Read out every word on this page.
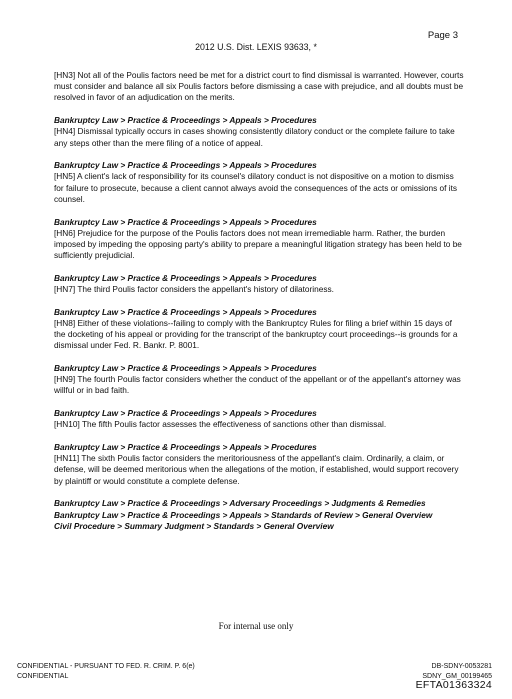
Page 3
2012 U.S. Dist. LEXIS 93633, *
[HN3] Not all of the Poulis factors need be met for a district court to find dismissal is warranted. However, courts must consider and balance all six Poulis factors before dismissing a case with prejudice, and all doubts must be resolved in favor of an adjudication on the merits.
Bankruptcy Law > Practice & Proceedings > Appeals > Procedures
[HN4] Dismissal typically occurs in cases showing consistently dilatory conduct or the complete failure to take any steps other than the mere filing of a notice of appeal.
Bankruptcy Law > Practice & Proceedings > Appeals > Procedures
[HN5] A client's lack of responsibility for its counsel's dilatory conduct is not dispositive on a motion to dismiss for failure to prosecute, because a client cannot always avoid the consequences of the acts or omissions of its counsel.
Bankruptcy Law > Practice & Proceedings > Appeals > Procedures
[HN6] Prejudice for the purpose of the Poulis factors does not mean irremediable harm. Rather, the burden imposed by impeding the opposing party's ability to prepare a meaningful litigation strategy has been held to be sufficiently prejudicial.
Bankruptcy Law > Practice & Proceedings > Appeals > Procedures
[HN7] The third Poulis factor considers the appellant's history of dilatoriness.
Bankruptcy Law > Practice & Proceedings > Appeals > Procedures
[HN8] Either of these violations--failing to comply with the Bankruptcy Rules for filing a brief within 15 days of the docketing of his appeal or providing for the transcript of the bankruptcy court proceedings--is grounds for a dismissal under Fed. R. Bankr. P. 8001.
Bankruptcy Law > Practice & Proceedings > Appeals > Procedures
[HN9] The fourth Poulis factor considers whether the conduct of the appellant or of the appellant's attorney was willful or in bad faith.
Bankruptcy Law > Practice & Proceedings > Appeals > Procedures
[HN10] The fifth Poulis factor assesses the effectiveness of sanctions other than dismissal.
Bankruptcy Law > Practice & Proceedings > Appeals > Procedures
[HN11] The sixth Poulis factor considers the meritoriousness of the appellant's claim. Ordinarily, a claim, or defense, will be deemed meritorious when the allegations of the motion, if established, would support recovery by plaintiff or would constitute a complete defense.
Bankruptcy Law > Practice & Proceedings > Adversary Proceedings > Judgments & Remedies
Bankruptcy Law > Practice & Proceedings > Appeals > Standards of Review > General Overview
Civil Procedure > Summary Judgment > Standards > General Overview
For internal use only
CONFIDENTIAL - PURSUANT TO FED. R. CRIM. P. 6(e)
CONFIDENTIAL
DB-SDNY-0053281
SDNY_GM_00199465
EFTA01363324
